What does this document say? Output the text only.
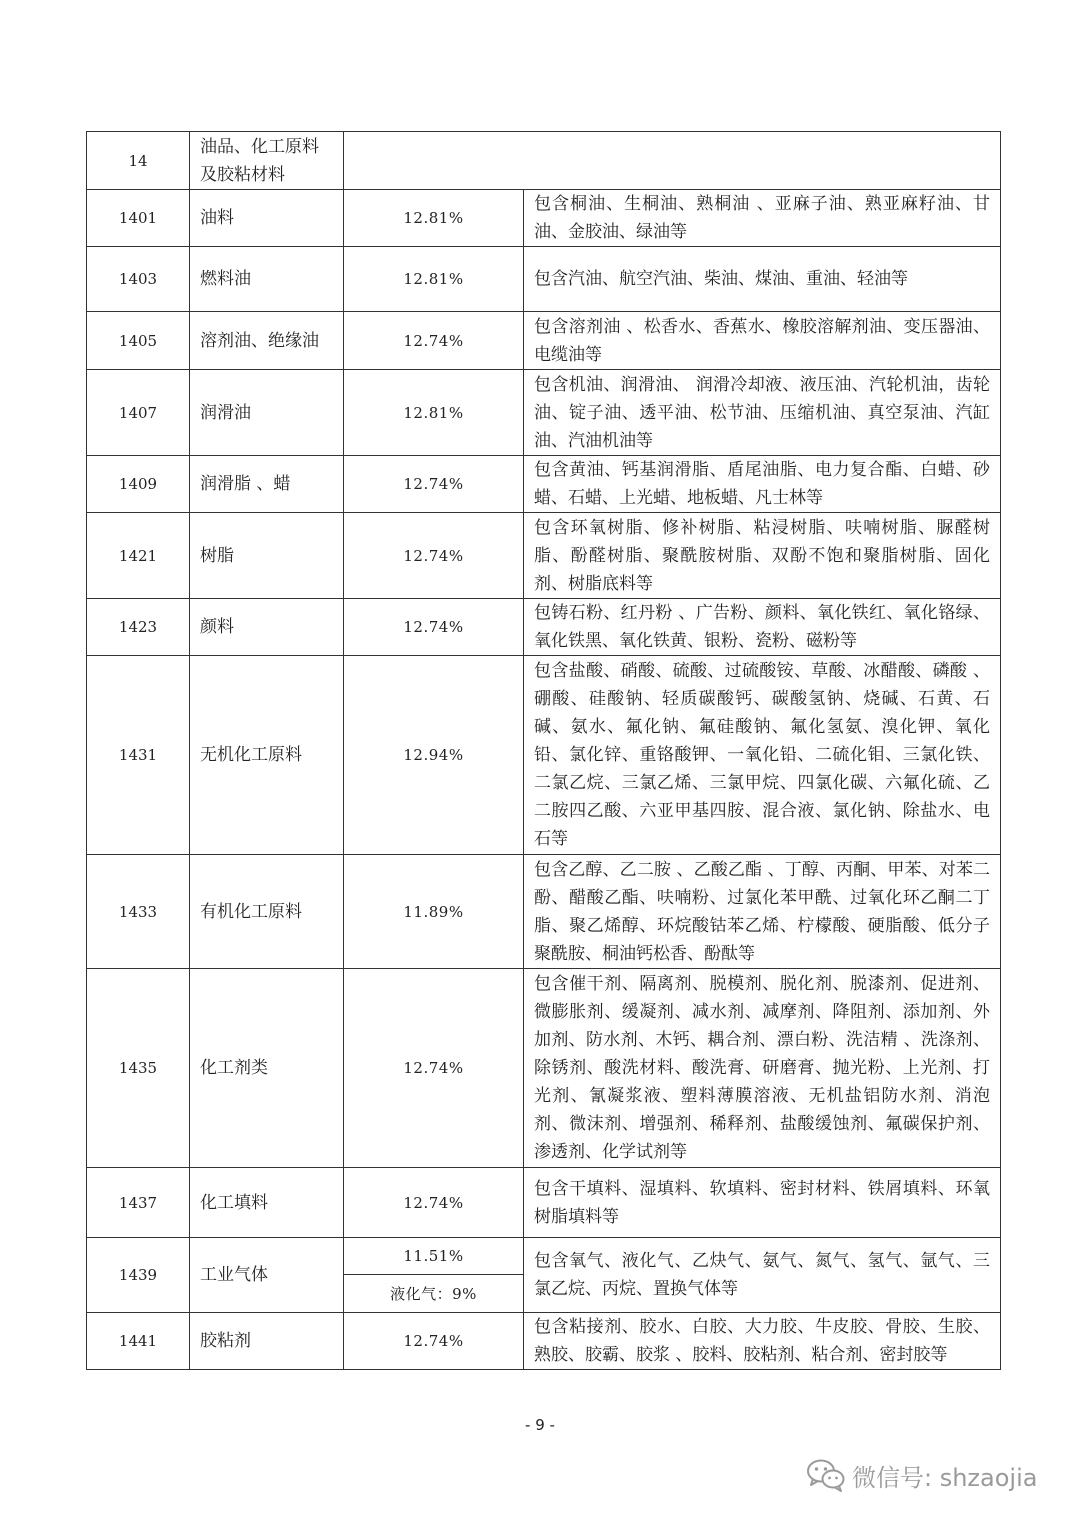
14	油品、化工原料及胶粘材料		
1401	油料	12.81%	包含桐油、生桐油、熟桐油 、亚麻子油、熟亚麻籽油、甘油、金胶油、绿油等
1403	燃料油	12.81%	包含汽油、航空汽油、柴油、煤油、重油、轻油等
1405	溶剂油、绝缘油	12.74%	包含溶剂油 、松香水、香蕉水、橡胶溶解剂油、变压器油、电缆油等
1407	润滑油	12.81%	包含机油、润滑油、 润滑冷却液、液压油、汽轮机油，齿轮油、锭子油、透平油、松节油、压缩机油、真空泵油、汽缸油、汽油机油等
1409	润滑脂 、蜡	12.74%	包含黄油、钙基润滑脂、盾尾油脂、电力复合酯、白蜡、砂蜡、石蜡、上光蜡、地板蜡、凡士林等
1421	树脂	12.74%	包含环氧树脂、修补树脂、粘浸树脂、呋喃树脂、脲醛树脂、酚醛树脂、聚酰胺树脂、双酚不饱和聚脂树脂、固化剂、树脂底料等
1423	颜料	12.74%	包铸石粉、红丹粉 、广告粉、颜料、氧化铁红、氧化铬绿、氧化铁黑、氧化铁黄、银粉、瓷粉、磁粉等
1431	无机化工原料	12.94%	包含盐酸、硝酸、硫酸、过硫酸铵、草酸、冰醋酸、磷酸 、硼酸、硅酸钠、轻质碳酸钙、碳酸氢钠、烧碱、石黄、石碱、氨水、氟化钠、氟硅酸钠、氟化氢氨、溴化钾、氧化铅、氯化锌、重铬酸钾、一氧化铅、二硫化钼、三氯化铁、二氯乙烷、三氯乙烯、三氯甲烷、四氯化碳、六氟化硫、乙二胺四乙酸、六亚甲基四胺、混合液、氯化钠、除盐水、电石等
1433	有机化工原料	11.89%	包含乙醇、乙二胺 、乙酸乙酯 、丁醇、丙酮、甲苯、对苯二酚、醋酸乙酯、呋喃粉、过氯化苯甲酰、过氧化环乙酮二丁脂、聚乙烯醇、环烷酸钴苯乙烯、柠檬酸、硬脂酸、低分子聚酰胺、桐油钙松香、酚酞等
1435	化工剂类	12.74%	包含催干剂、隔离剂、脱模剂、脱化剂、脱漆剂、促进剂、微膨胀剂、缓凝剂、减水剂、减摩剂、降阻剂、添加剂、外加剂、防水剂、木钙、耦合剂、漂白粉、洗洁精 、洗涤剂、除锈剂、酸洗材料、酸洗膏、研磨膏、抛光粉、上光剂、打光剂、氰凝浆液、塑料薄膜溶液、无机盐铝防水剂、消泡剂、微沫剂、增强剂、稀释剂、盐酸缓蚀剂、氟碳保护剂、渗透剂、化学试剂等
1437	化工填料	12.74%	包含干填料、湿填料、软填料、密封材料、铁屑填料、环氧树脂填料等
1439	工业气体	11.51%	包含氧气、液化气、乙炔气、氨气、氮气、氢气、氩气、三氯乙烷、丙烷、置换气体等
		液化气：9%	
1441	胶粘剂	12.74%	包含粘接剂、胶水、白胶、大力胶、牛皮胶、骨胶、生胶、熟胶、胶霸、胶浆 、胶料、胶粘剂、粘合剂、密封胶等
- 9 -
微信号: shzaojia
